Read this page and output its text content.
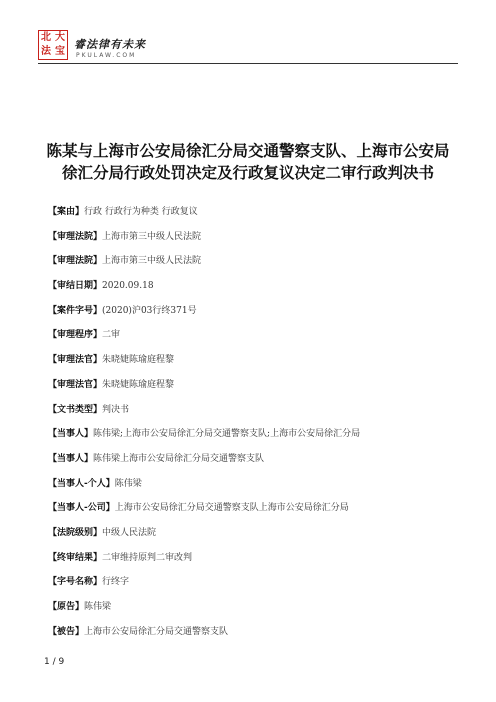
北 大
法 宝
睿法律有未来
PKULAW.COM
陈某与上海市公安局徐汇分局交通警察支队、上海市公安局
徐汇分局行政处罚决定及行政复议决定二审行政判决书
【案由】行政 行政行为种类 行政复议
【审理法院】上海市第三中级人民法院
【审理法院】上海市第三中级人民法院
【审结日期】2020.09.18
【案件字号】(2020)沪03行终371号
【审理程序】二审
【审理法官】朱晓婕陈瑜庭程黎
【审理法官】朱晓婕陈瑜庭程黎
【文书类型】判决书
【当事人】陈伟梁;上海市公安局徐汇分局交通警察支队;上海市公安局徐汇分局
【当事人】陈伟梁上海市公安局徐汇分局交通警察支队
【当事人-个人】陈伟梁
【当事人-公司】上海市公安局徐汇分局交通警察支队上海市公安局徐汇分局
【法院级别】中级人民法院
【终审结果】二审维持原判二审改判
【字号名称】行终字
【原告】陈伟梁
【被告】上海市公安局徐汇分局交通警察支队
1 / 9
